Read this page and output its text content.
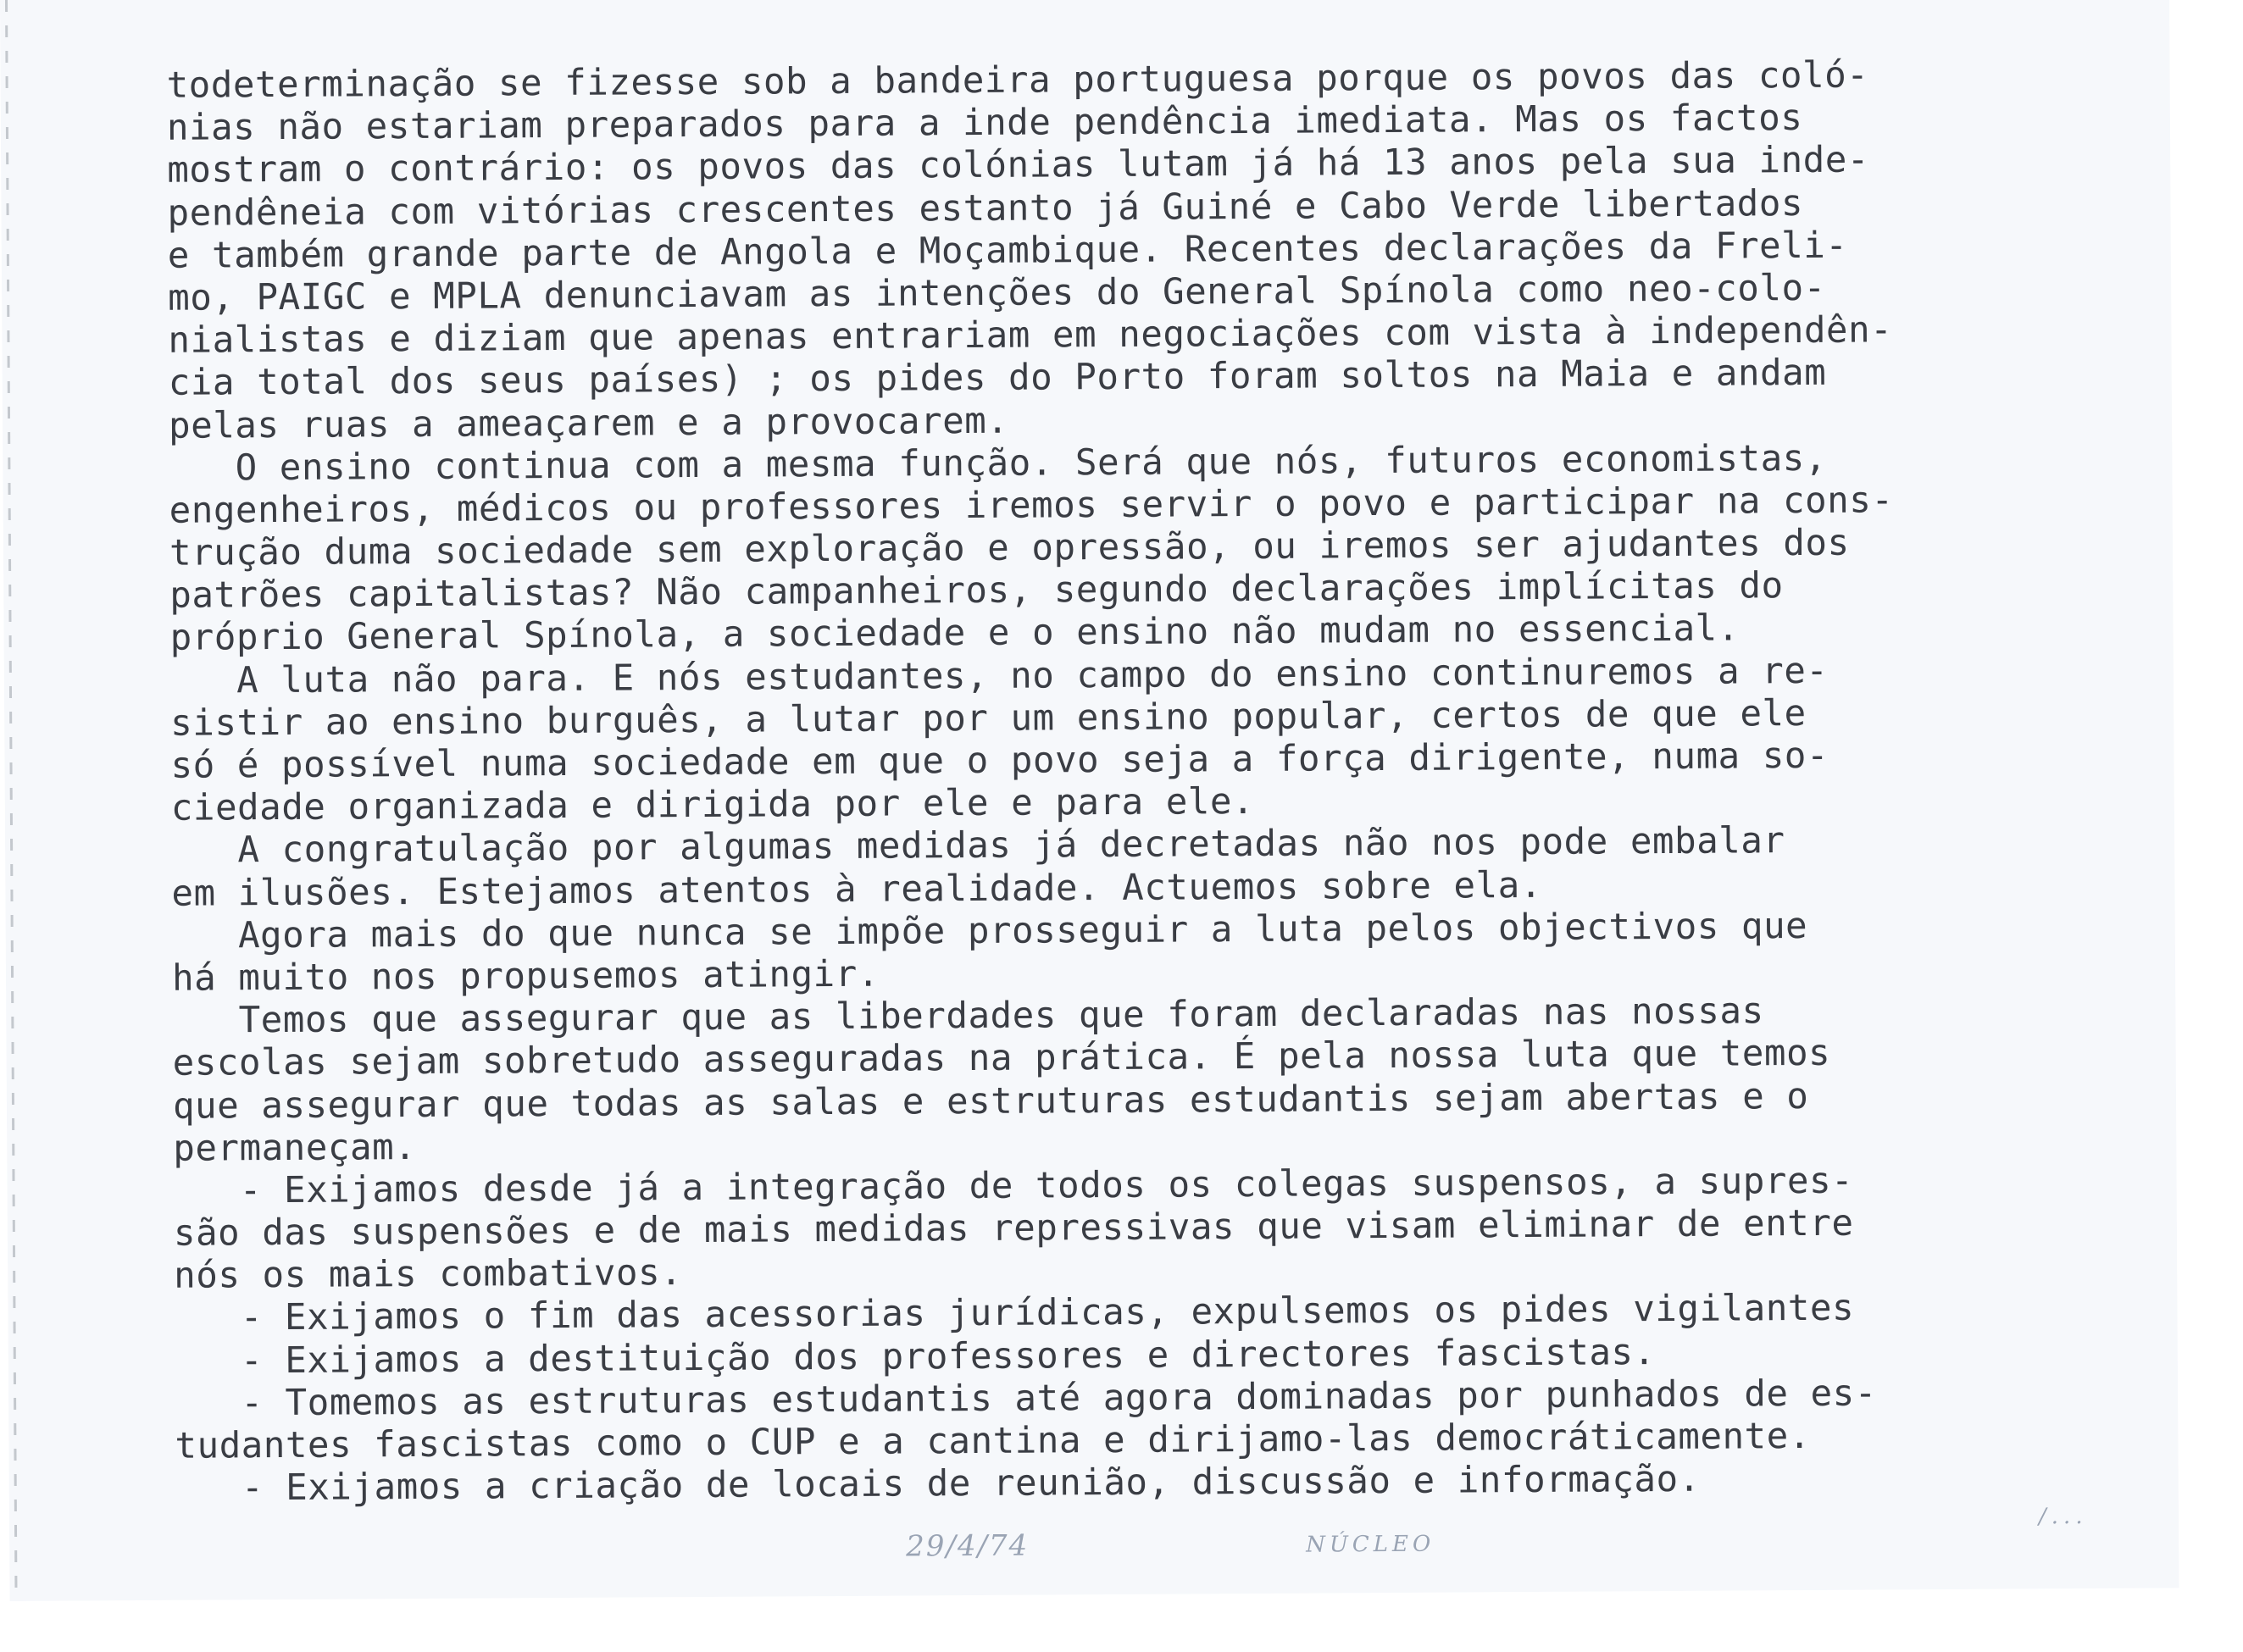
todeterminação se fizesse sob a bandeira portuguesa porque os povos das coló-
nias não estariam preparados para a inde pendência imediata. Mas os factos
mostram o contrário: os povos das colónias lutam já há 13 anos pela sua inde-
pendêneia com vitórias crescentes estanto já Guiné e Cabo Verde libertados
e também grande parte de Angola e Moçambique. Recentes declarações da Freli-
mo, PAIGC e MPLA denunciavam as intenções do General Spínola como neo-colo-
nialistas e diziam que apenas entrariam em negociações com vista à independên-
cia total dos seus países) ; os pides do Porto foram soltos na Maia e andam
pelas ruas a ameaçarem e a provocarem.
O ensino continua com a mesma função. Será que nós, futuros economistas,
engenheiros, médicos ou professores iremos servir o povo e participar na cons-
trução duma sociedade sem exploração e opressão, ou iremos ser ajudantes dos
patrões capitalistas? Não campanheiros, segundo declarações implícitas do
próprio General Spínola, a sociedade e o ensino não mudam no essencial.
A luta não para. E nós estudantes, no campo do ensino continuremos a re-
sistir ao ensino burguês, a lutar por um ensino popular, certos de que ele
só é possível numa sociedade em que o povo seja a força dirigente, numa so-
ciedade organizada e dirigida por ele e para ele.
A congratulação por algumas medidas já decretadas não nos pode embalar
em ilusões. Estejamos atentos à realidade. Actuemos sobre ela.
Agora mais do que nunca se impõe prosseguir a luta pelos objectivos que
há muito nos propusemos atingir.
Temos que assegurar que as liberdades que foram declaradas nas nossas
escolas sejam sobretudo asseguradas na prática. É pela nossa luta que temos
que assegurar que todas as salas e estruturas estudantis sejam abertas e o
permaneçam.
- Exijamos desde já a integração de todos os colegas suspensos, a supres-
são das suspensões e de mais medidas repressivas que visam eliminar de entre
nós os mais combativos.
- Exijamos o fim das acessorias jurídicas, expulsemos os pides vigilantes
- Exijamos a destituição dos professores e directores fascistas.
- Tomemos as estruturas estudantis até agora dominadas por punhados de es-
tudantes fascistas como o CUP e a cantina e dirijamo-las democráticamente.
- Exijamos a criação de locais de reunião, discussão e informação.
29/4/74	NÚCLEO
/...
